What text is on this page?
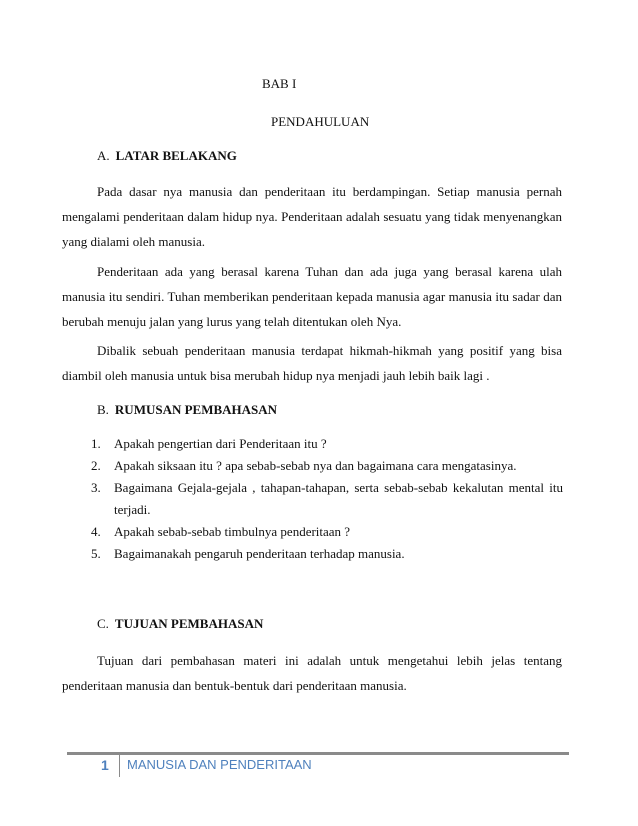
BAB I
PENDAHULUAN
A. LATAR BELAKANG

Pada dasar nya manusia dan penderitaan itu berdampingan. Setiap manusia pernah mengalami penderitaan dalam hidup nya. Penderitaan adalah sesuatu yang tidak menyenangkan yang dialami oleh manusia.

Penderitaan ada yang berasal karena Tuhan dan ada juga yang berasal karena ulah manusia itu sendiri. Tuhan memberikan penderitaan kepada manusia agar manusia itu sadar dan berubah menuju jalan yang lurus yang telah ditentukan oleh Nya.

Dibalik sebuah penderitaan manusia terdapat hikmah-hikmah yang positif yang bisa diambil oleh manusia untuk bisa merubah hidup nya menjadi jauh lebih baik lagi .

B. RUMUSAN PEMBAHASAN
1. Apakah pengertian dari Penderitaan itu ?
2. Apakah siksaan itu ? apa sebab-sebab nya dan bagaimana cara mengatasinya.
3. Bagaimana Gejala-gejala , tahapan-tahapan, serta sebab-sebab kekalutan mental itu terjadi.
4. Apakah sebab-sebab timbulnya penderitaan ?
5. Bagaimanakah pengaruh penderitaan terhadap manusia.
C. TUJUAN PEMBAHASAN

Tujuan dari pembahasan materi ini adalah untuk mengetahui lebih jelas tentang penderitaan manusia dan bentuk-bentuk dari penderitaan manusia.

1 MANUSIA DAN PENDERITAAN
